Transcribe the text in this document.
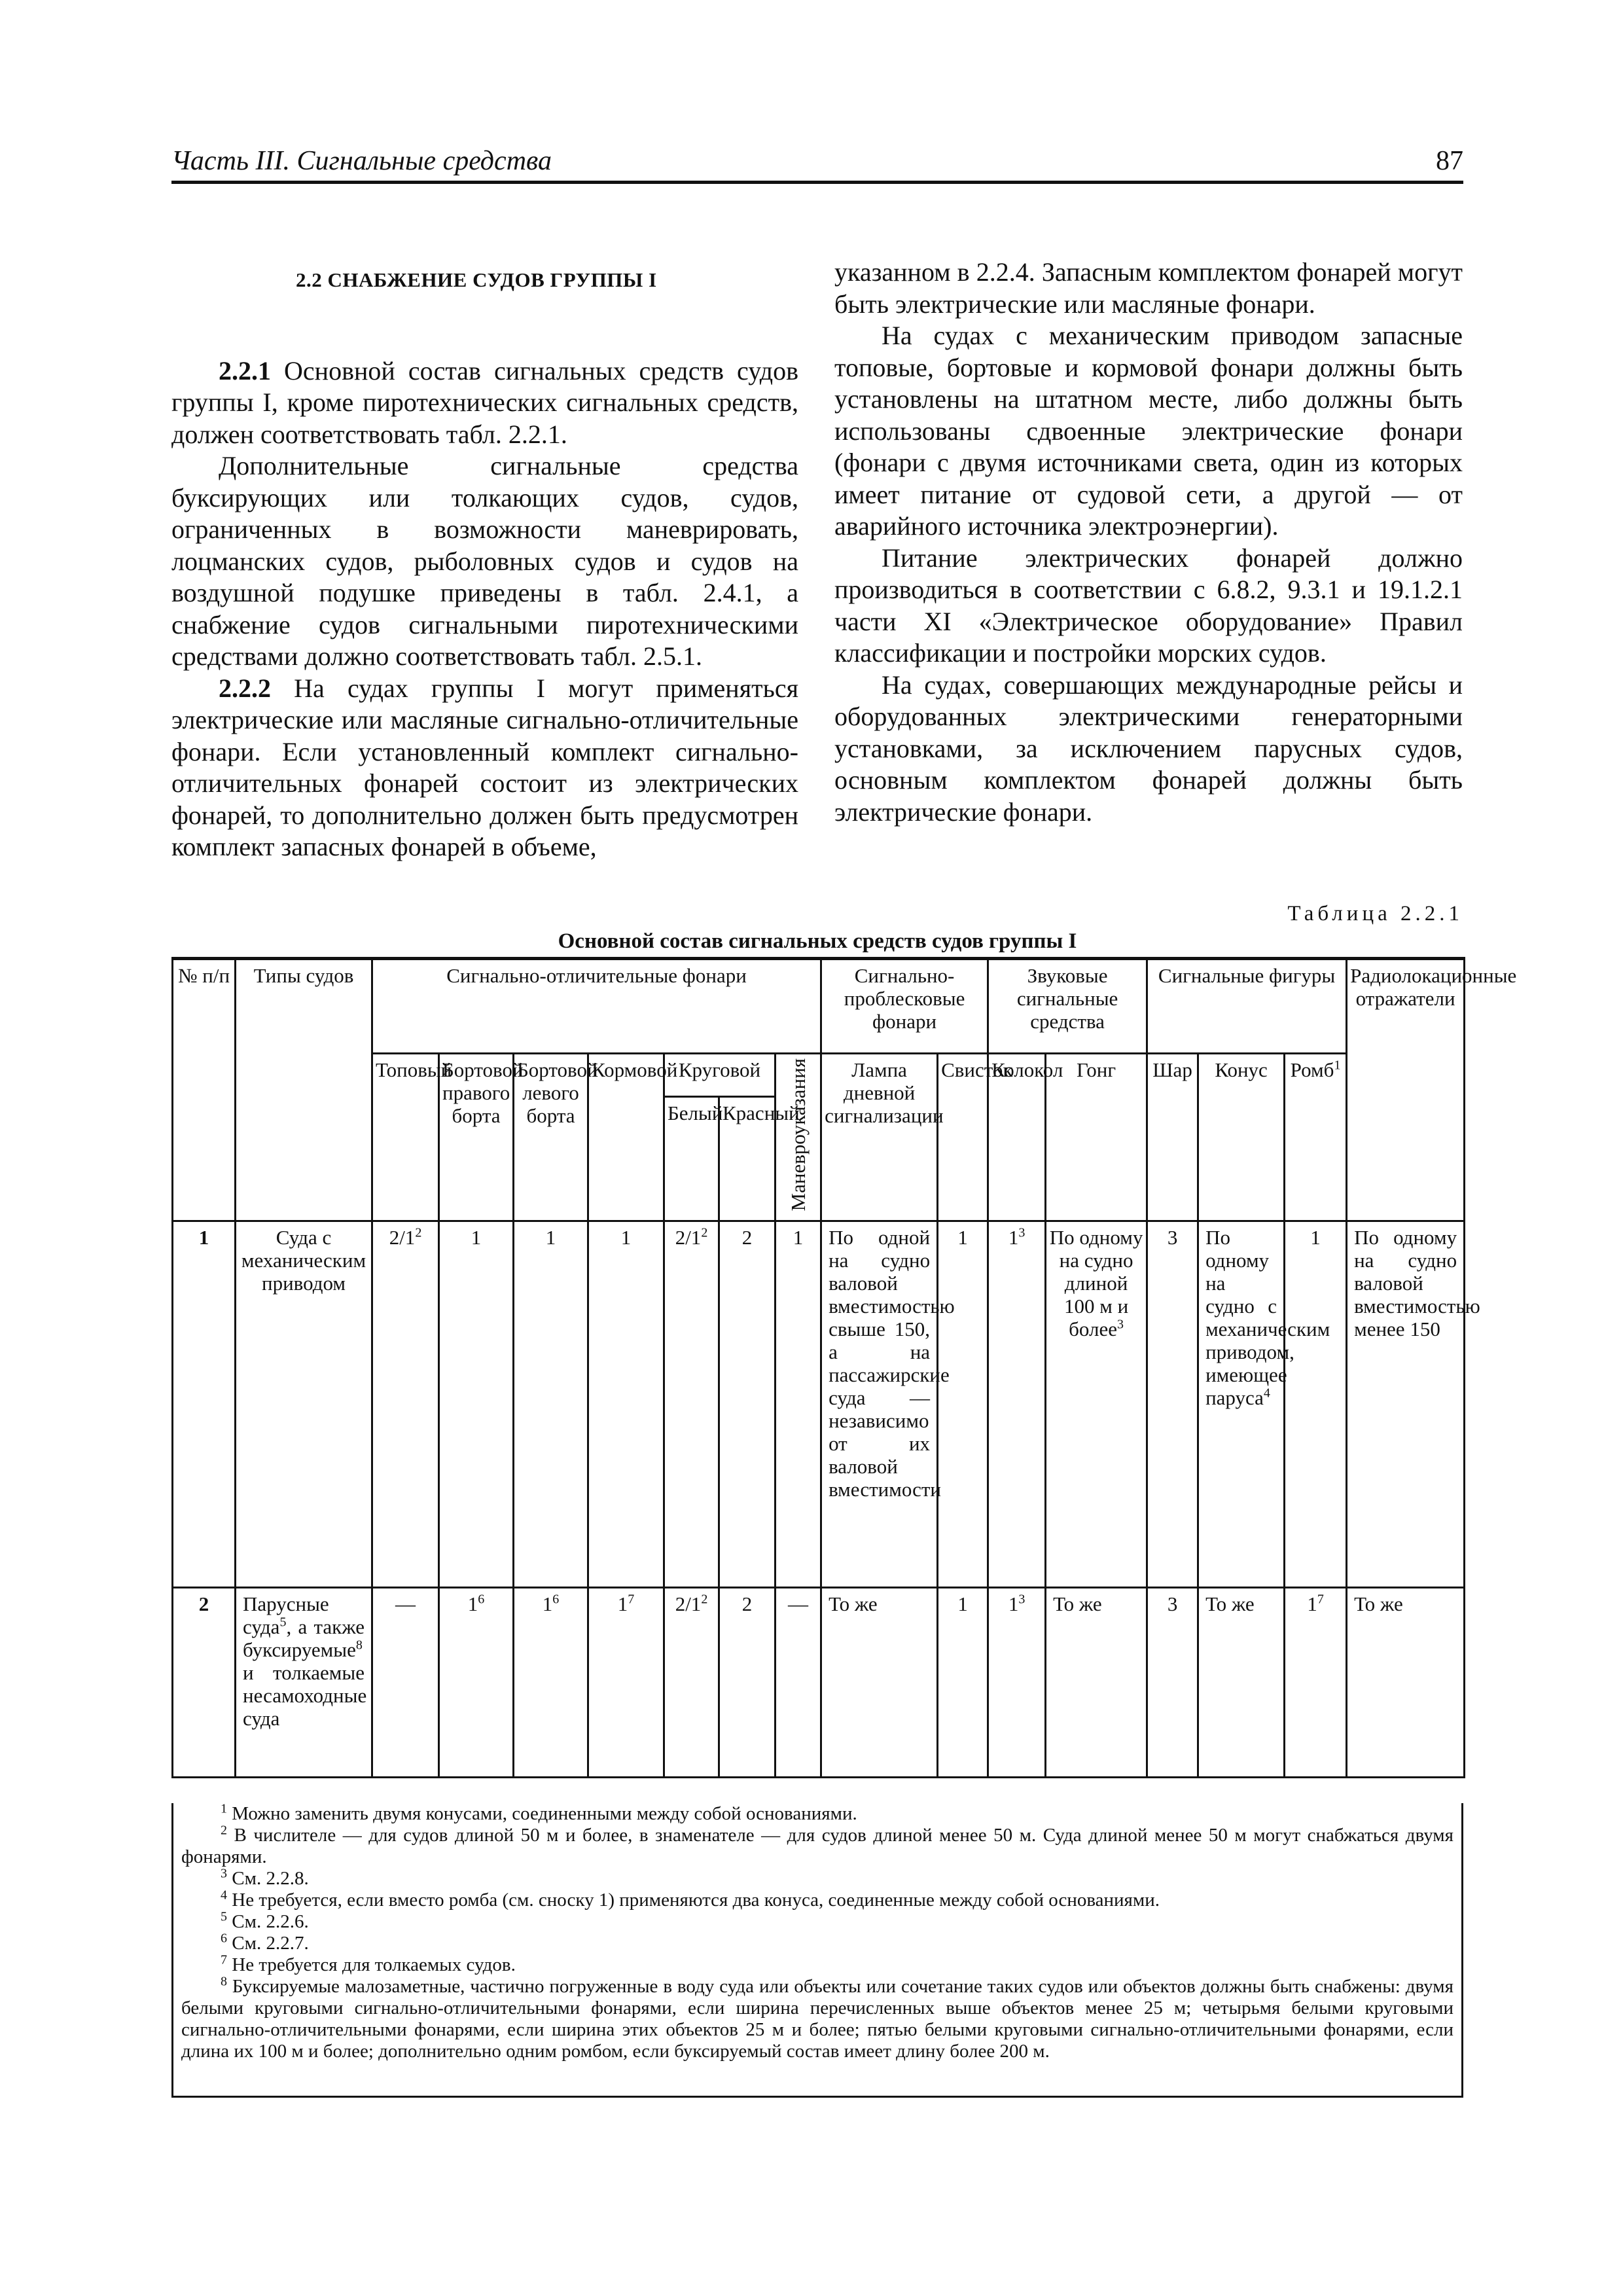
Часть III. Сигнальные средства	87

2.2 СНАБЖЕНИЕ СУДОВ ГРУППЫ I

2.2.1 Основной состав сигнальных средств судов группы I, кроме пиротехнических сигнальных средств, должен соответствовать табл. 2.2.1.

Дополнительные сигнальные средства буксирующих или толкающих судов, судов, ограниченных в возможности маневрировать, лоцманских судов, рыболовных судов и судов на воздушной подушке приведены в табл. 2.4.1, а снабжение судов сигнальными пиротехническими средствами должно соответствовать табл. 2.5.1.

2.2.2 На судах группы I могут применяться электрические или масляные сигнально-отличительные фонари. Если установленный комплект сигнально-отличительных фонарей состоит из электрических фонарей, то дополнительно должен быть предусмотрен комплект запасных фонарей в объеме,

указанном в 2.2.4. Запасным комплектом фонарей могут быть электрические или масляные фонари.

На судах с механическим приводом запасные топовые, бортовые и кормовой фонари должны быть установлены на штатном месте, либо должны быть использованы сдвоенные электрические фонари (фонари с двумя источниками света, один из которых имеет питание от судовой сети, а другой — от аварийного источника электроэнергии).

Питание электрических фонарей должно производиться в соответствии с 6.8.2, 9.3.1 и 19.1.2.1 части XI «Электрическое оборудование» Правил классификации и постройки морских судов.

На судах, совершающих международные рейсы и оборудованных электрическими генераторными установками, за исключением парусных судов, основным комплектом фонарей должны быть электрические фонари.

Таблица 2.2.1
Основной состав сигнальных средств судов группы I
№ п/п	Типы судов	Сигнально-отличительные фонари							Сигнально-проблесковые фонари		Звуковые сигнальные средства		Сигнальные фигуры			Радиолокационные отражатели
		Топовый	Бортовой правого борта	Бортовой левого борта	Кормовой	Круговой		Маневроуказания	Лампа дневной сигнализации	Свисток	Колокол	Гонг	Шар	Конус	Ромб$^1$
						Белый	Красный									
1	Суда с механическим приводом	$2/1^2$	1	1	1	$2/1^2$	2	1	По одной на судно валовой вместимостью свыше 150, а на пассажирские суда — независимо от их валовой вместимости	1	$1^3$	По одному на судно длиной 100 м и более$^3$	3	По одному на судно с механическим приводом, имеющее паруса$^4$	1	По одному на судно валовой вместимостью менее 150
2	Парусные суда$^5$, а также буксируемые$^8$ и толкаемые несамоходные суда	—	$1^6$	$1^6$	$1^7$	$2/1^2$	2	—	То же	1	$1^3$	То же	3	То же	$1^7$	То же
$^1$ Можно заменить двумя конусами, соединенными между собой основаниями.
$^2$ В числителе — для судов длиной 50 м и более, в знаменателе — для судов длиной менее 50 м. Суда длиной менее 50 м могут снабжаться двумя фонарями.
$^3$ См. 2.2.8.
$^4$ Не требуется, если вместо ромба (см. сноску 1) применяются два конуса, соединенные между собой основаниями.
$^5$ См. 2.2.6.
$^6$ См. 2.2.7.
$^7$ Не требуется для толкаемых судов.
$^8$ Буксируемые малозаметные, частично погруженные в воду суда или объекты или сочетание таких судов или объектов должны быть снабжены: двумя белыми круговыми сигнально-отличительными фонарями, если ширина перечисленных выше объектов менее 25 м; четырьмя белыми круговыми сигнально-отличительными фонарями, если ширина этих объектов 25 м и более; пятью белыми круговыми сигнально-отличительными фонарями, если длина их 100 м и более; дополнительно одним ромбом, если буксируемый состав имеет длину более 200 м.
